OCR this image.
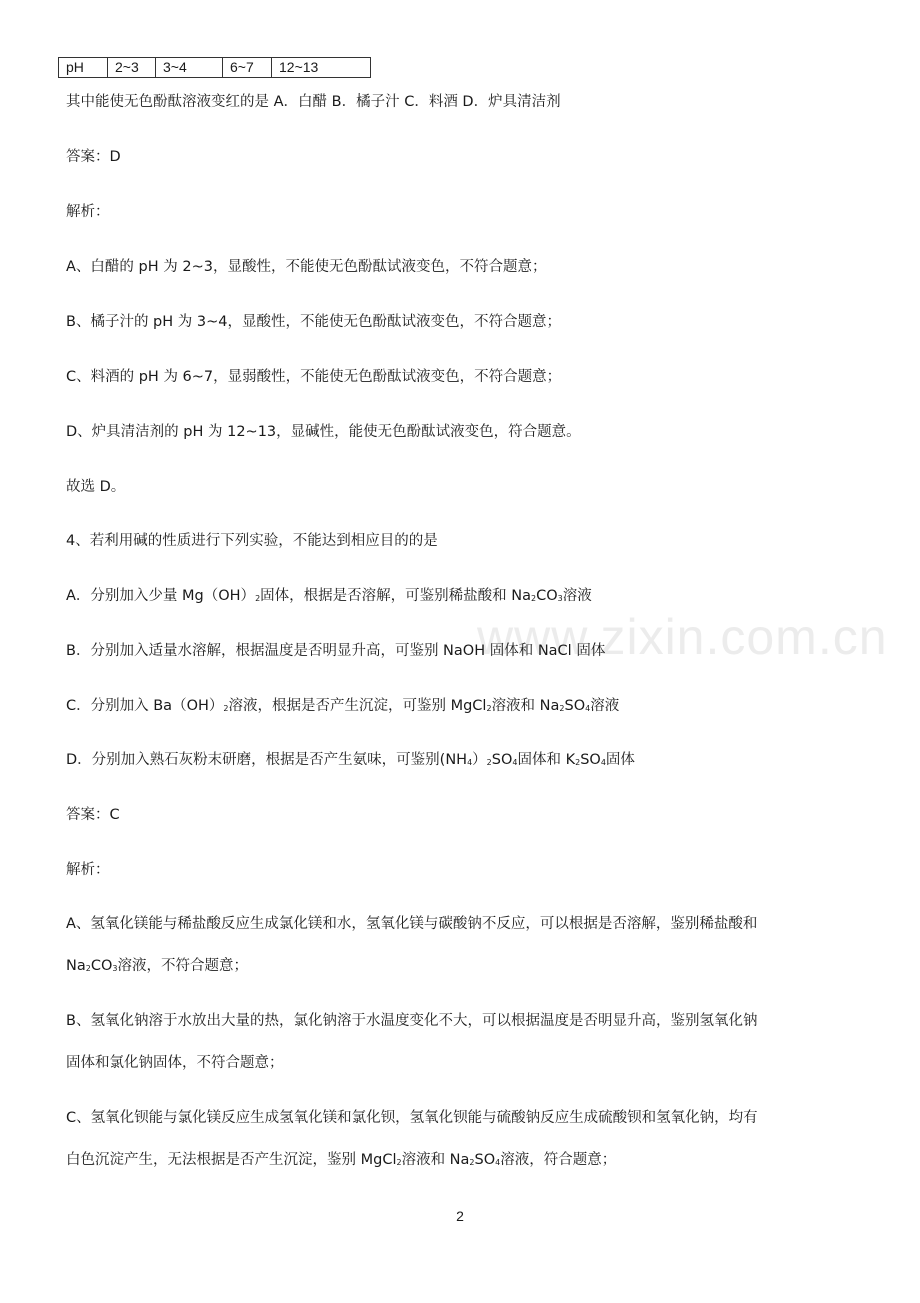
www.zixin.com.cn
pH	2~3	3~4	6~7	12~13
其中能使无色酚酞溶液变红的是 A．白醋 B．橘子汁 C．料酒 D．炉具清洁剂
答案：D
解析：
A、白醋的 pH 为 2~3，显酸性，不能使无色酚酞试液变色，不符合题意；
B、橘子汁的 pH 为 3~4，显酸性，不能使无色酚酞试液变色，不符合题意；
C、料酒的 pH 为 6~7，显弱酸性，不能使无色酚酞试液变色，不符合题意；
D、炉具清洁剂的 pH 为 12~13，显碱性，能使无色酚酞试液变色，符合题意。
故选 D。
4、若利用碱的性质进行下列实验，不能达到相应目的的是
A．分别加入少量 Mg（OH）2固体，根据是否溶解，可鉴别稀盐酸和 Na2CO3溶液
B．分别加入适量水溶解，根据温度是否明显升高，可鉴别 NaOH 固体和 NaCl 固体
C．分别加入 Ba（OH）2溶液，根据是否产生沉淀，可鉴别 MgCl2溶液和 Na2SO4溶液
D．分别加入熟石灰粉末研磨，根据是否产生氨味，可鉴别(NH4）2SO4固体和 K2SO4固体
答案：C
解析：
A、氢氧化镁能与稀盐酸反应生成氯化镁和水，氢氧化镁与碳酸钠不反应，可以根据是否溶解，鉴别稀盐酸和
Na2CO3溶液，不符合题意；
B、氢氧化钠溶于水放出大量的热，氯化钠溶于水温度变化不大，可以根据温度是否明显升高，鉴别氢氧化钠
固体和氯化钠固体，不符合题意；
C、氢氧化钡能与氯化镁反应生成氢氧化镁和氯化钡，氢氧化钡能与硫酸钠反应生成硫酸钡和氢氧化钠，均有
白色沉淀产生，无法根据是否产生沉淀，鉴别 MgCl2溶液和 Na2SO4溶液，符合题意；
2
